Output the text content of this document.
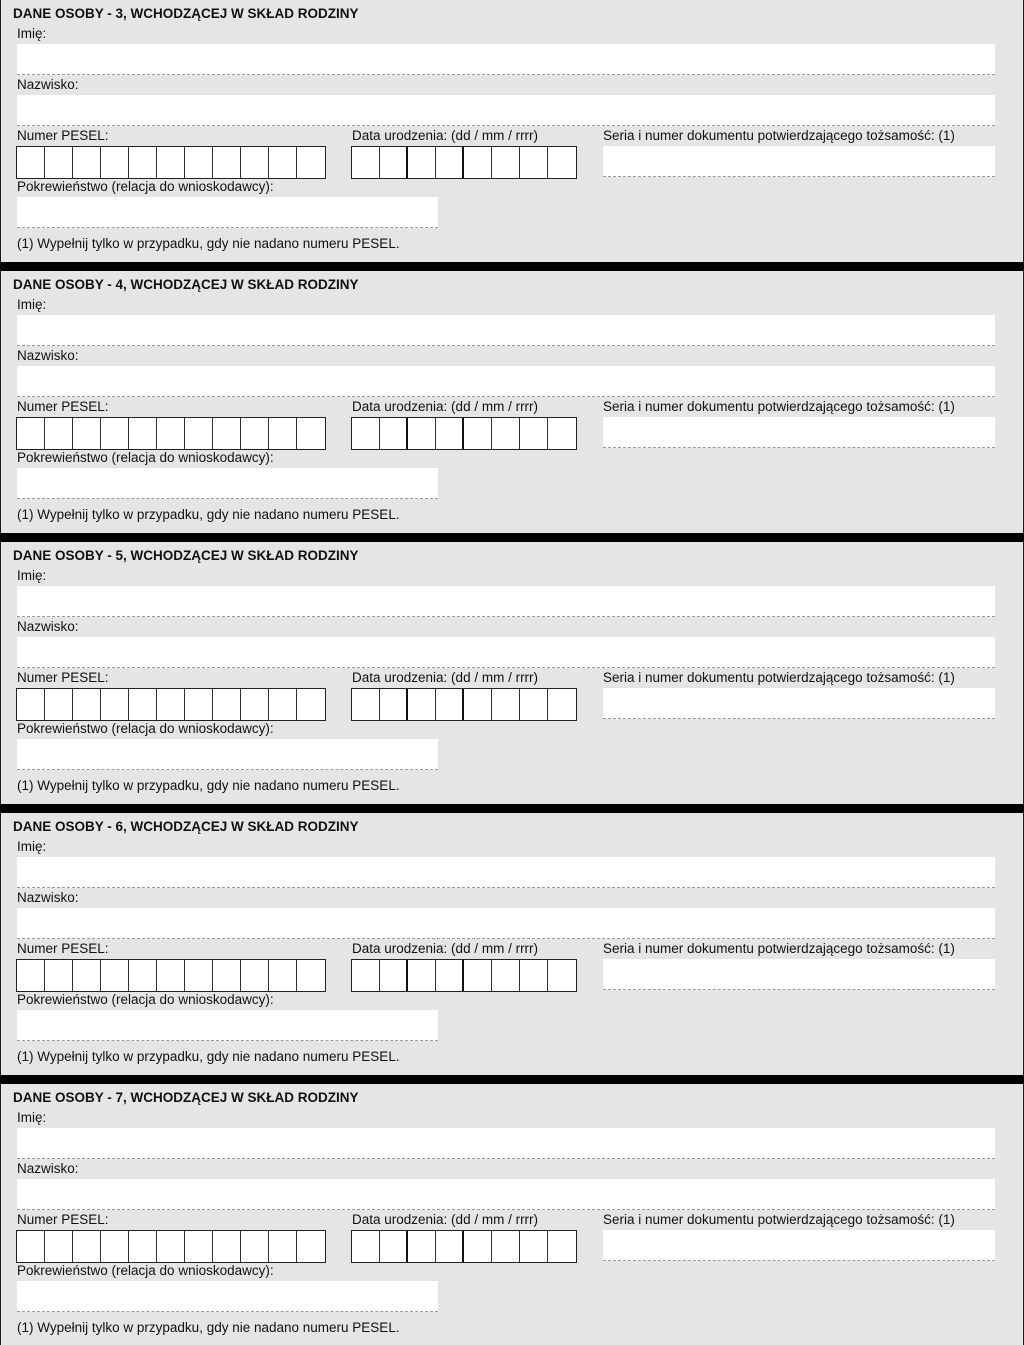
DANE OSOBY - 3, WCHODZĄCEJ W SKŁAD RODZINY
Imię:
Nazwisko:
Numer PESEL:	Data urodzenia: (dd / mm / rrrr)	Seria i numer dokumentu potwierdzającego tożsamość: (1)
Pokrewieństwo (relacja do wnioskodawcy):
(1) Wypełnij tylko w przypadku, gdy nie nadano numeru PESEL.
DANE OSOBY - 4, WCHODZĄCEJ W SKŁAD RODZINY
Imię:
Nazwisko:
Numer PESEL:	Data urodzenia: (dd / mm / rrrr)	Seria i numer dokumentu potwierdzającego tożsamość: (1)
Pokrewieństwo (relacja do wnioskodawcy):
(1) Wypełnij tylko w przypadku, gdy nie nadano numeru PESEL.
DANE OSOBY - 5, WCHODZĄCEJ W SKŁAD RODZINY
Imię:
Nazwisko:
Numer PESEL:	Data urodzenia: (dd / mm / rrrr)	Seria i numer dokumentu potwierdzającego tożsamość: (1)
Pokrewieństwo (relacja do wnioskodawcy):
(1) Wypełnij tylko w przypadku, gdy nie nadano numeru PESEL.
DANE OSOBY - 6, WCHODZĄCEJ W SKŁAD RODZINY
Imię:
Nazwisko:
Numer PESEL:	Data urodzenia: (dd / mm / rrrr)	Seria i numer dokumentu potwierdzającego tożsamość: (1)
Pokrewieństwo (relacja do wnioskodawcy):
(1) Wypełnij tylko w przypadku, gdy nie nadano numeru PESEL.
DANE OSOBY - 7, WCHODZĄCEJ W SKŁAD RODZINY
Imię:
Nazwisko:
Numer PESEL:	Data urodzenia: (dd / mm / rrrr)	Seria i numer dokumentu potwierdzającego tożsamość: (1)
Pokrewieństwo (relacja do wnioskodawcy):
(1) Wypełnij tylko w przypadku, gdy nie nadano numeru PESEL.
